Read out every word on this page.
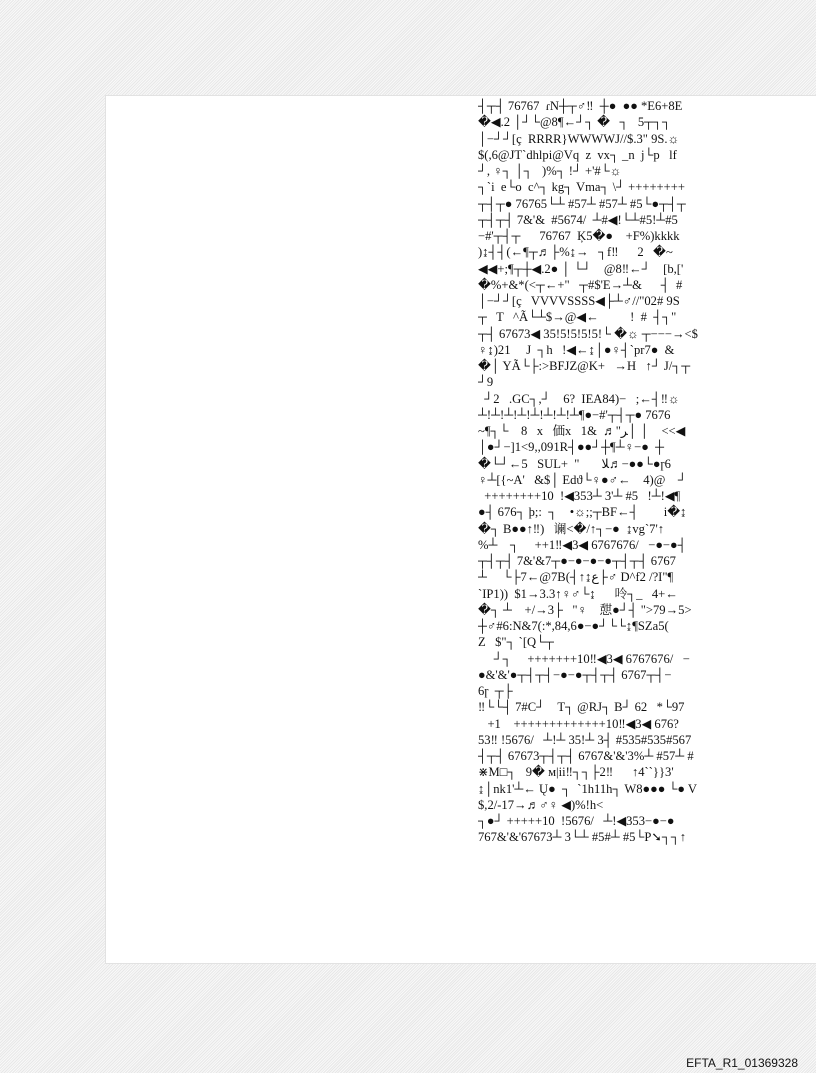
┤┬┤ 76767  ɾN┼┬♂‼  ┼●  ●● *E6+8E
�◀.2 │┘└@8¶←┘┐ �   ┐   5┬┐┐
│−┘┘[ç  RRRR}WWWWJ//$.3" 9S.☼
$(,6@JT`dhlpi@Vq  z  vx┐ _n  j└p   lf
┘, ♀┐ │┐   )%┐ !┘ +'#└☼
┐`i  e└o  c^┐ kg┐ Vma┐ \┘ ++++++++
┬┤┬● 76765└┴ #57┴ #57┴ #5└●┬┤┬
┬┤┬┤ 7&'&  #5674/  ┴#◀!└┴#5!┴#5
−#'┬┤┬      76767  Ķ5�●    +F%)kkkk
)↨┤┤(←¶┬♬├%↨→   ┐f‼      2   �~
◀◀+;¶┬┼◀.2● │ └┘    @8‼←┘    [b,['
�%+&*(<┬←+"   ┬#$'E→┴&      ┤  #
│−┘┘[ç   VVVVSSSS◀├┴♂//"02# 9S
┬   T   ^Ã└┴$→@◀←          !  #  ┤┐"
┬┤ 67673◀ 35!5!5!5!5!└ �☼ ┬−−−→<$
♀↨)21     J  ┐h   !◀←↨│●♀┤`pr7●  &
�│ YÃ└├:>BFJZ@K+   →H   ↑┘ J/┐┬
┘9
┘2   .GC┐,┘    6?  IEA84)−   ;←┤‼☼
┴!┴!┴!┴!┴!┴!┴!┴¶●−#'┬┤┬● 7676
~¶┐└    8   x   価x   ﺮ"♬  &1│ │    <<◀
│●┘−]1<9,,091R┤●●┘┼¶┴♀−●  ┼
�└┘←5   SUL+  "       ﻼ♬−●●└●ɼ6
♀┴[{~A'   &$│ Edϑ└♀●♂←    4)@    ┘
++++++++10  !◀353┴ 3'┴ #5   !┴!◀¶
●┤ 676┐ þ;:  ┐    •☼;;┬BF←┤        i�↨
�┐ B●●↑‼)   谰<�/↑┐−●  ↨vg`7'↑
%┴    ┐     ++1‼◀3◀ 6767676/   −●−●┤
┬┤┬┤ 7&'&7┬●−●−●−●┬┤┬┤ 6767
┴     └├7←@7B(┤↑↨ع├♂ D^f2 /?I"¶
`IP1))  $1→3.3↑♀♂└↨      呤┐_   4+←
�┐ ┴    +/→3├   "♀    憇●┘┤ ">79→5>
┼♂#6:N&7(:*,84,6●−●┘└└↨¶SZa5(
Z   $"┐ `[Q└┬
┘┐     +++++++10‼◀3◀ 6767676/   −
●&'&'●┬┤┬┤−●−●┬┤┬┤ 6767┬┤−
6ɼ  ┬├
‼└└┤ 7#C┘    T┐ @RJ┐ B┘ 62   *└97
+1    +++++++++++++10‼◀3◀ 676?
53‼ !5676/   ┴!┴ 35!┴ 3┤ #535#535#567
┤┬┤ 67673┬┤┬┤ 6767&'&'3%┴ #57┴ #
⋇M□┐   9� м|ii‼┐┐├2‼      ↑4``}}3'
↨│nk1'┴← Ų●  ┐  `1h11h┐ W8●●● └● V
$,2/-17→♬♂♀ ◀)%!h<
┐●┘ +++++10  !5676/   ┴!◀353−●−●
767&'&'67673┴ 3└┴ #5#┴ #5└P➘┐┐↑
EFTA_R1_01369328
